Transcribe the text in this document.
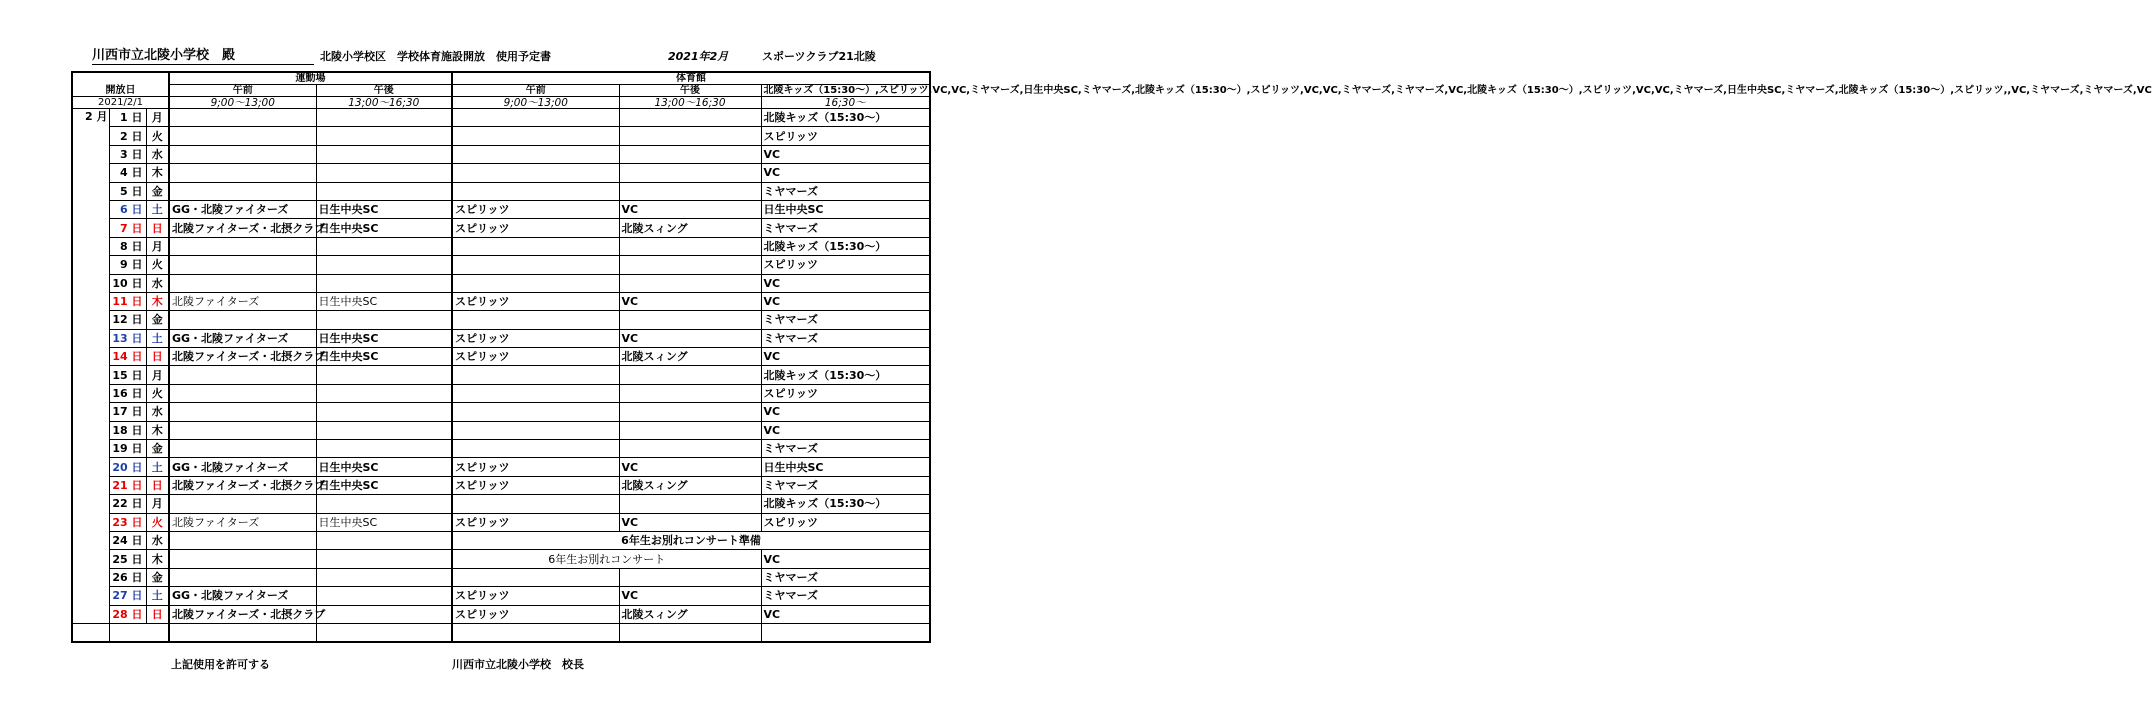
川西市立北陵小学校　殿	北陵小学校区　学校体育施設開放　使用予定書	2021年2月	スポーツクラブ21北陵
開放日			運動場		体育館		
			午前	午後	午前	午後	北陵キッズ（15:30～）,スピリッツ,VC,VC,ミヤマーズ,日生中央SC,ミヤマーズ,北陵キッズ（15:30～）,スピリッツ,VC,VC,ミヤマーズ,ミヤマーズ,VC,北陵キッズ（15:30～）,スピリッツ,VC,VC,ミヤマーズ,日生中央SC,ミヤマーズ,北陵キッズ（15:30～）,スピリッツ,,VC,ミヤマーズ,ミヤマーズ,VC
2021/2/1			9;00～13;00	13;00～16;30	9;00～13;00	13;00～16;30	16;30～
2 月	1 日	月					北陵キッズ（15:30～）
	2 日	火					スピリッツ
	3 日	水					VC
	4 日	木					VC
	5 日	金					ミヤマーズ
	6 日	土	GG・北陵ファイターズ	日生中央SC	スピリッツ	VC	日生中央SC
	7 日	日	北陵ファイターズ・北摂クラブ	日生中央SC	スピリッツ	北陵スィング	ミヤマーズ
	8 日	月					北陵キッズ（15:30～）
	9 日	火					スピリッツ
	10 日	水					VC
	11 日	木	北陵ファイターズ	日生中央SC	スピリッツ	VC	VC
	12 日	金					ミヤマーズ
	13 日	土	GG・北陵ファイターズ	日生中央SC	スピリッツ	VC	ミヤマーズ
	14 日	日	北陵ファイターズ・北摂クラブ	日生中央SC	スピリッツ	北陵スィング	VC
	15 日	月					北陵キッズ（15:30～）
	16 日	火					スピリッツ
	17 日	水					VC
	18 日	木					VC
	19 日	金					ミヤマーズ
	20 日	土	GG・北陵ファイターズ	日生中央SC	スピリッツ	VC	日生中央SC
	21 日	日	北陵ファイターズ・北摂クラブ	日生中央SC	スピリッツ	北陵スィング	ミヤマーズ
	22 日	月					北陵キッズ（15:30～）
	23 日	火	北陵ファイターズ	日生中央SC	スピリッツ	VC	スピリッツ
	24 日	水			6年生お別れコンサート準備		
	25 日	木			6年生お別れコンサート		VC
	26 日	金					ミヤマーズ
	27 日	土	GG・北陵ファイターズ		スピリッツ	VC	ミヤマーズ
	28 日	日	北陵ファイターズ・北摂クラブ		スピリッツ	北陵スィング	VC

上記使用を許可する	川西市立北陵小学校　校長
